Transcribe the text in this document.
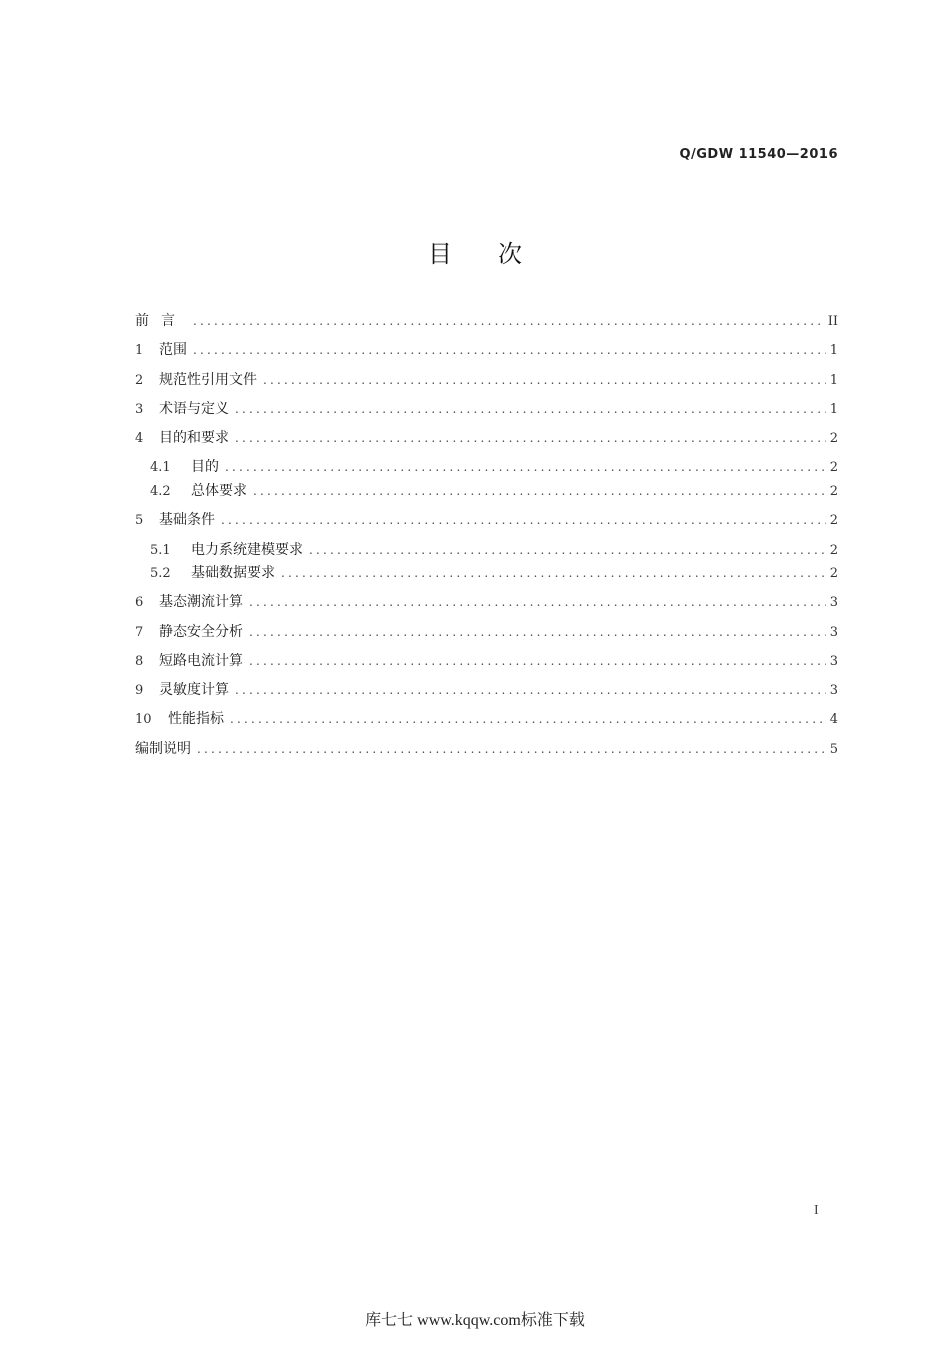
Q/GDW 11540—2016
目次
前言 .....	II
1	范围 .....	1
2	规范性引用文件 .....	1
3	术语与定义 .....	1
4	目的和要求 .....	2
4.1	目的 .....	2
4.2	总体要求 .....	2
5	基础条件 .....	2
5.1	电力系统建模要求 .....	2
5.2	基础数据要求 .....	2
6	基态潮流计算 .....	3
7	静态安全分析 .....	3
8	短路电流计算 .....	3
9	灵敏度计算 .....	3
10	性能指标 .....	4
编制说明 .....	5
I
库七七 www.kqqw.com标准下载
